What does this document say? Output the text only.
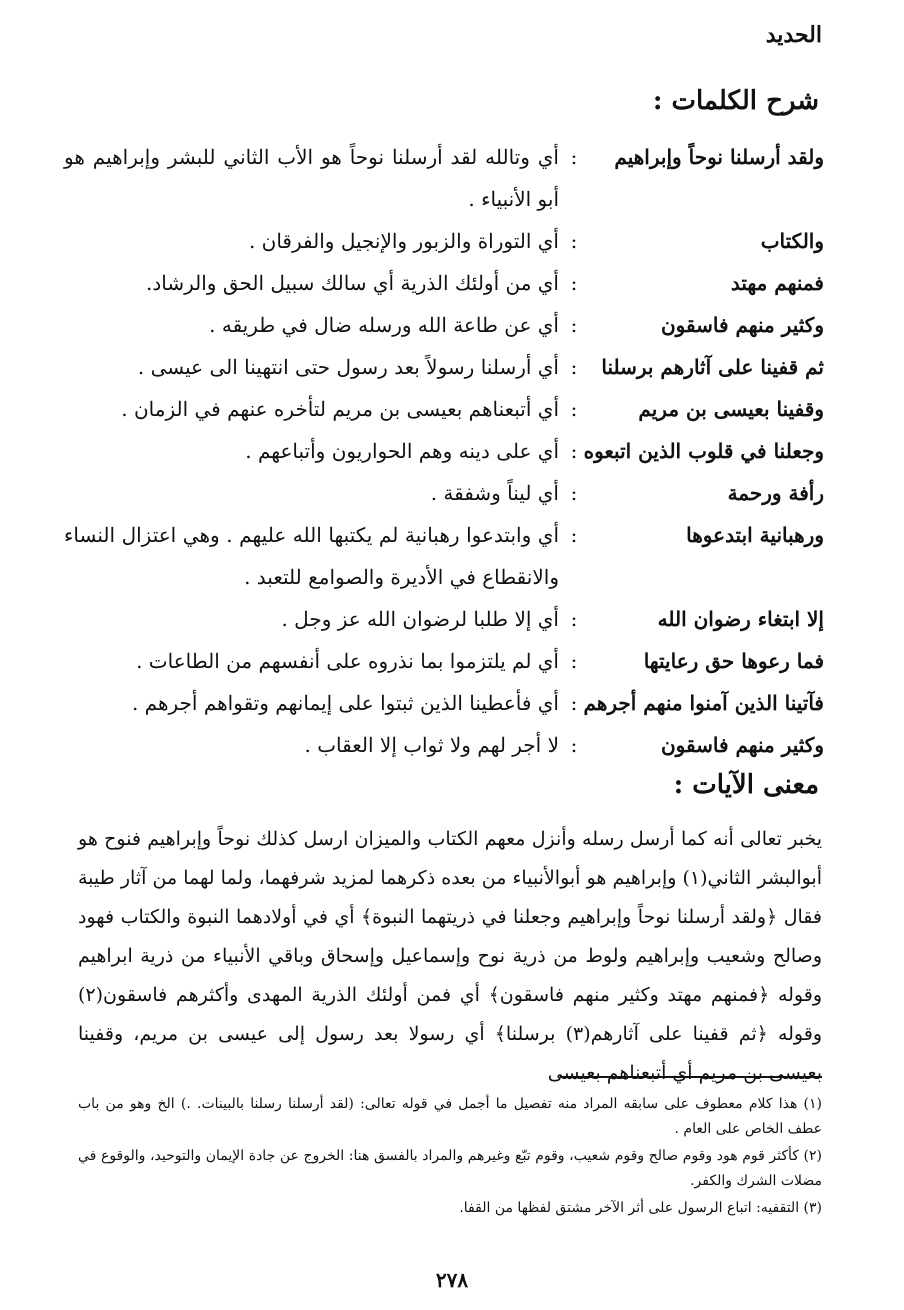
الحديد
شرح الكلمات :
ولقد أرسلنا نوحاً وإبراهيم
:
أي وتالله لقد أرسلنا نوحاً هو الأب الثاني للبشر وإبراهيم هو أبو الأنبياء .
والكتاب
:
أي التوراة والزبور والإنجيل والفرقان .
فمنهم مهتد
:
أي من أولئك الذرية أي سالك سبيل الحق والرشاد.
وكثير منهم فاسقون
:
أي عن طاعة الله ورسله ضال في طريقه .
ثم قفينا على آثارهم برسلنا
:
أي أرسلنا رسولاً بعد رسول حتى انتهينا الى عيسى .
وقفينا بعيسى بن مريم
:
أي أتبعناهم بعيسى بن مريم لتأخره عنهم في الزمان .
وجعلنا في قلوب الذين اتبعوه
:
أي على دينه وهم الحواريون وأتباعهم .
رأفة ورحمة
:
أي ليناً وشفقة .
ورهبانية ابتدعوها
:
أي وابتدعوا رهبانية لم يكتبها الله عليهم . وهي اعتزال النساء والانقطاع في الأديرة والصوامع للتعبد .
إلا ابتغاء رضوان الله
:
أي إلا طلبا لرضوان الله عز وجل .
فما رعوها حق رعايتها
:
أي لم يلتزموا بما نذروه على أنفسهم من الطاعات .
فآتينا الذين آمنوا منهم أجرهم
:
أي فأعطينا الذين ثبتوا على إيمانهم وتقواهم أجرهم .
وكثير منهم فاسقون
:
لا أجر لهم ولا ثواب إلا العقاب .
معنى الآيات :
يخبر تعالى أنه كما أرسل رسله وأنزل معهم الكتاب والميزان ارسل كذلك نوحاً وإبراهيم فنوح هو أبوالبشر الثاني(١) وإبراهيم هو أبوالأنبياء من بعده ذكرهما لمزيد شرفهما، ولما لهما من آثار طيبة فقال ﴿ولقد أرسلنا نوحاً وإبراهيم وجعلنا في ذريتهما النبوة﴾ أي في أولادهما النبوة والكتاب فهود وصالح وشعيب وإبراهيم ولوط من ذرية نوح وإسماعيل وإسحاق وباقي الأنبياء من ذرية ابراهيم وقوله ﴿فمنهم مهتد وكثير منهم فاسقون﴾ أي فمن أولئك الذرية المهدى وأكثرهم فاسقون(٢) وقوله ﴿ثم قفينا على آثارهم(٣) برسلنا﴾ أي رسولا بعد رسول إلى عيسى بن مريم، وقفينا بعيسى بن مريم أي أتبعناهم بعيسى
(١) هذا كلام معطوف على سابقه المراد منه تفصيل ما أجمل في قوله تعالى: (لقد أرسلنا رسلنا بالبينات. .) الخ وهو من باب عطف الخاص على العام .
(٢) كأكثر قوم هود وقوم صالح وقوم شعيب، وقوم تبّع وغيرهم والمراد بالفسق هنا: الخروج عن جادة الإيمان والتوحيد، والوقوع في مضلات الشرك والكفر.
(٣) التقفيه: اتباع الرسول على أثر الآخر مشتق لفظها من القفا.
٢٧٨
